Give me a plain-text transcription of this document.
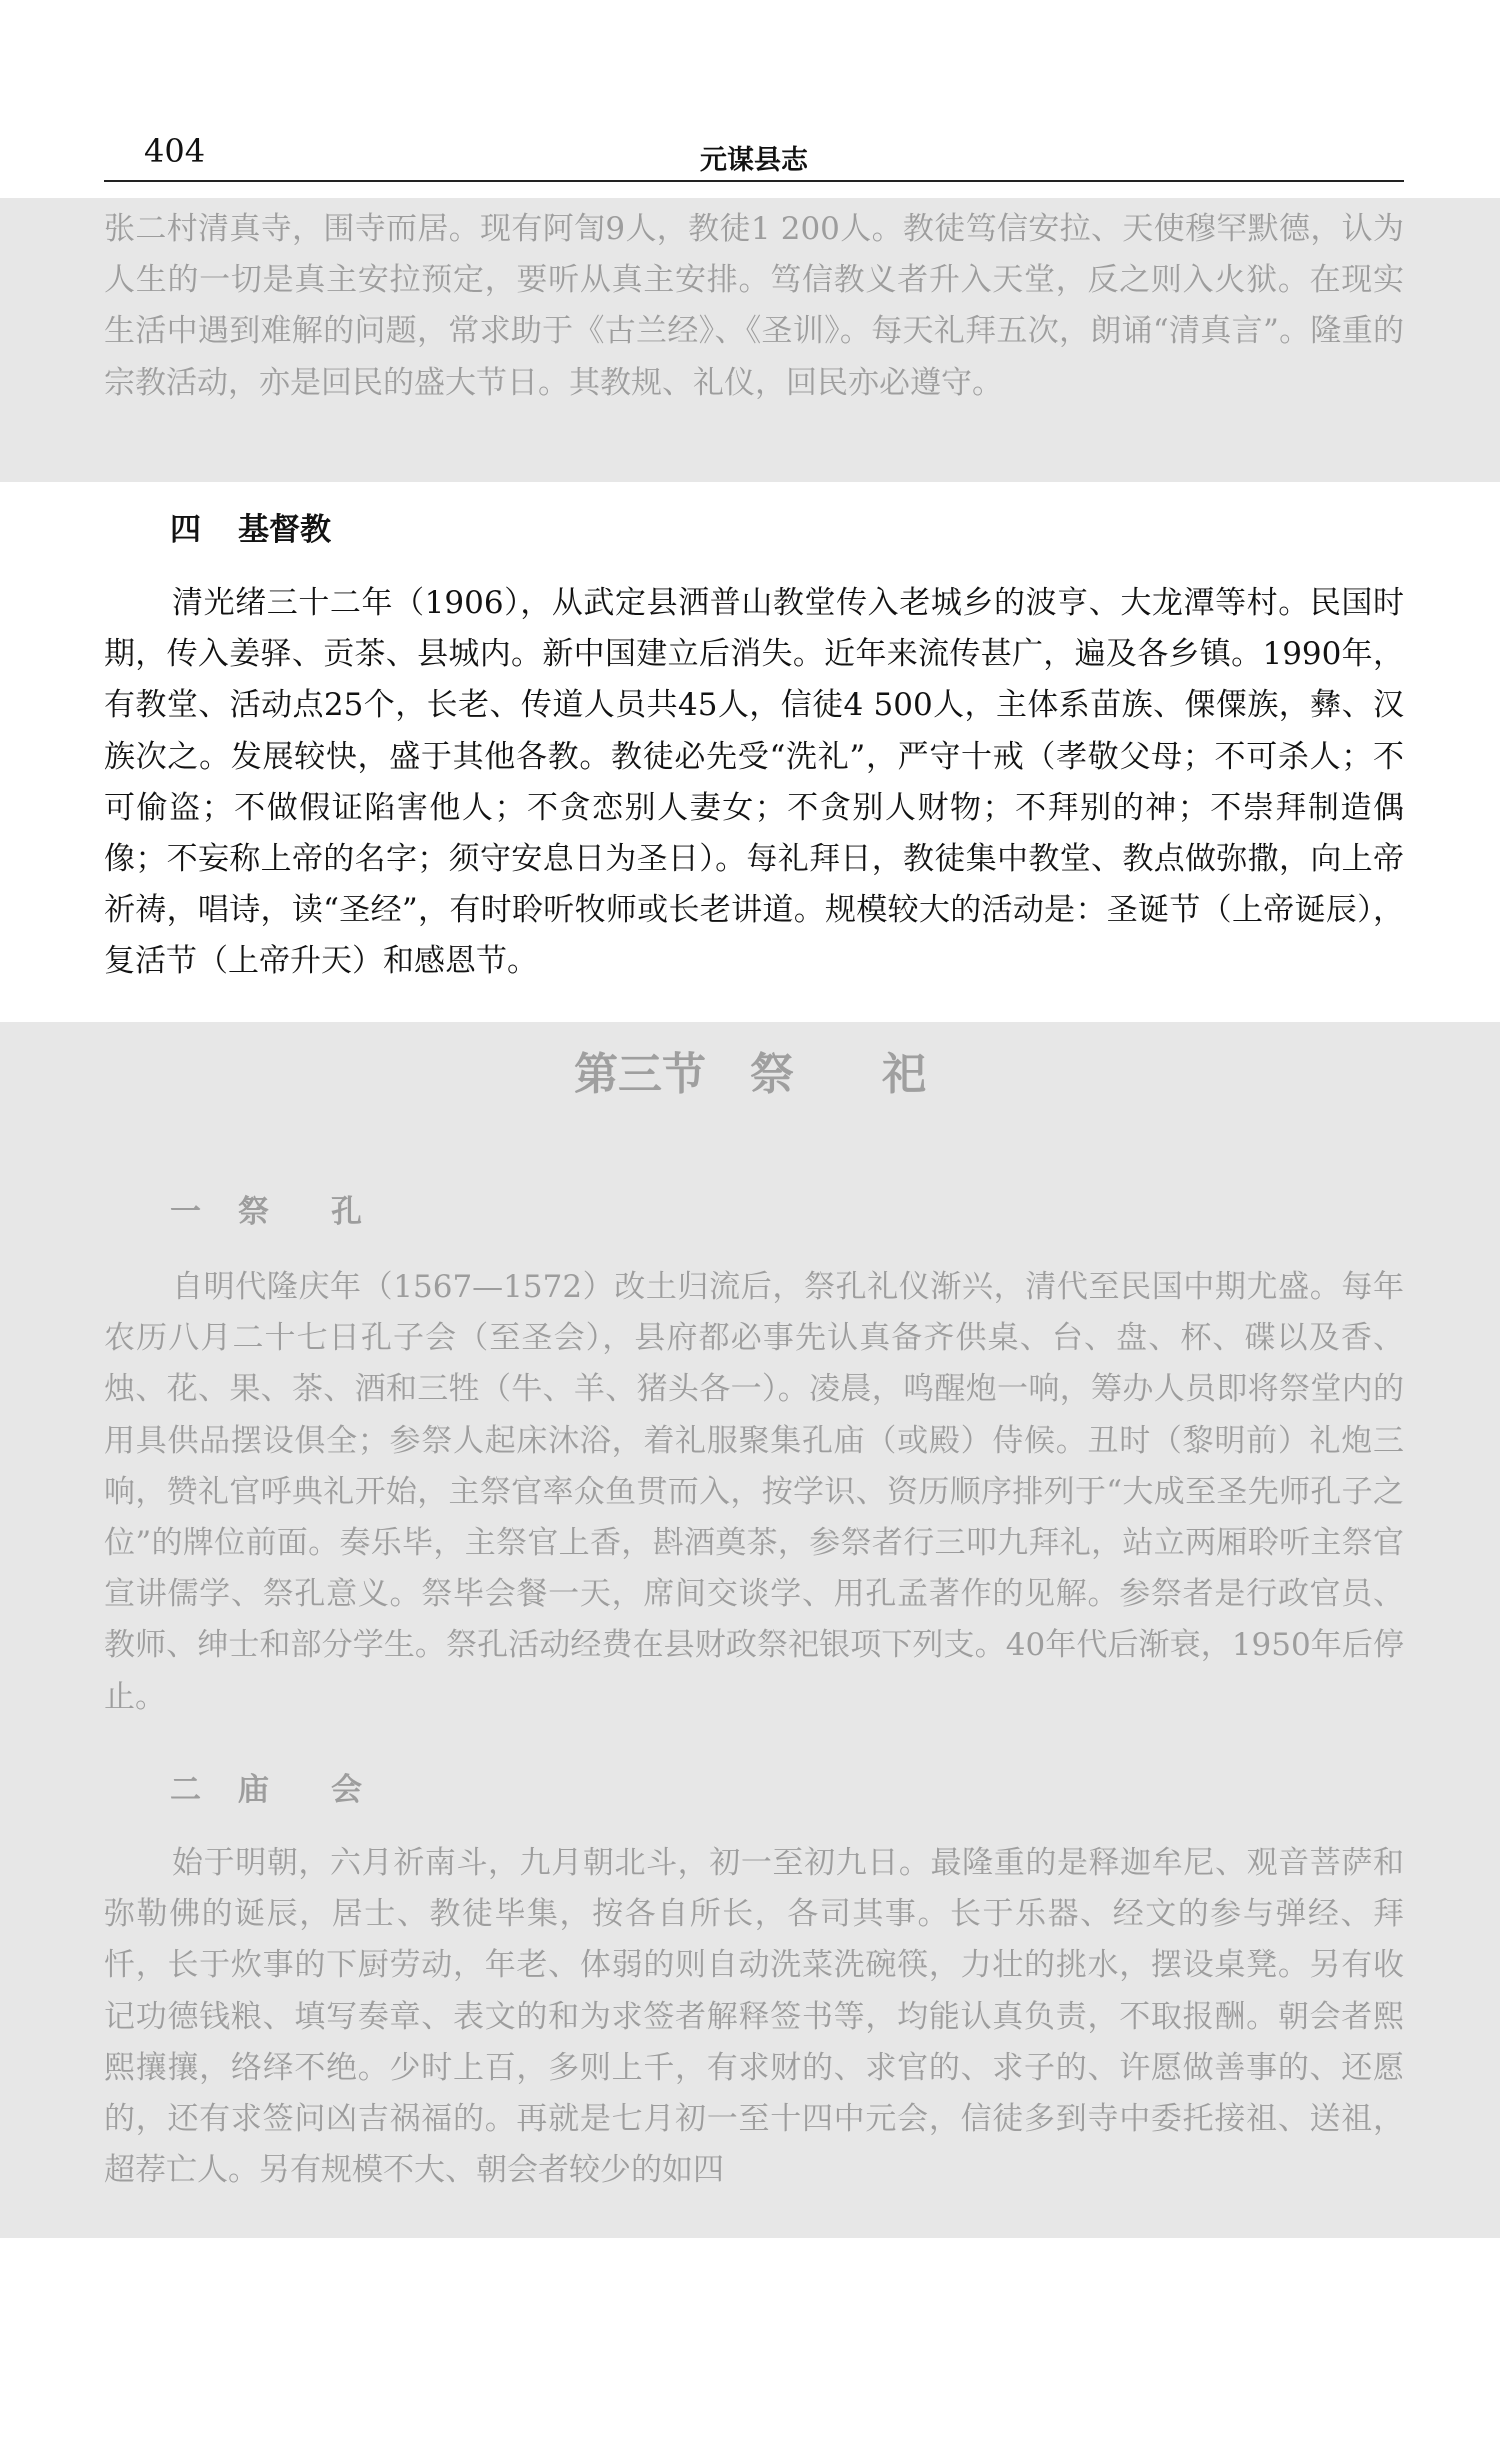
404	元谋县志

张二村清真寺，围寺而居。现有阿訇9人，教徒1 200人。教徒笃信安拉、天使穆罕默德，认为人生的一切是真主安拉预定，要听从真主安排。笃信教义者升入天堂，反之则入火狱。在现实生活中遇到难解的问题，常求助于《古兰经》、《圣训》。每天礼拜五次，朗诵“清真言”。隆重的宗教活动，亦是回民的盛大节日。其教规、礼仪，回民亦必遵守。

四 基督教

清光绪三十二年（1906），从武定县洒普山教堂传入老城乡的波亨、大龙潭等村。民国时期，传入姜驿、贡茶、县城内。新中国建立后消失。近年来流传甚广，遍及各乡镇。1990年，有教堂、活动点25个，长老、传道人员共45人，信徒4 500人，主体系苗族、傈僳族，彝、汉族次之。发展较快，盛于其他各教。教徒必先受“洗礼”，严守十戒（孝敬父母；不可杀人；不可偷盗；不做假证陷害他人；不贪恋别人妻女；不贪别人财物；不拜别的神；不崇拜制造偶像；不妄称上帝的名字；须守安息日为圣日）。每礼拜日，教徒集中教堂、教点做弥撒，向上帝祈祷，唱诗，读“圣经”，有时聆听牧师或长老讲道。规模较大的活动是：圣诞节（上帝诞辰），复活节（上帝升天）和感恩节。

第三节　祭　　祀
一 祭　　孔

自明代隆庆年（1567—1572）改土归流后，祭孔礼仪渐兴，清代至民国中期尤盛。每年农历八月二十七日孔子会（至圣会），县府都必事先认真备齐供桌、台、盘、杯、碟以及香、烛、花、果、茶、酒和三牲（牛、羊、猪头各一）。凌晨，鸣醒炮一响，筹办人员即将祭堂内的用具供品摆设俱全；参祭人起床沐浴，着礼服聚集孔庙（或殿）侍候。丑时（黎明前）礼炮三响，赞礼官呼典礼开始，主祭官率众鱼贯而入，按学识、资历顺序排列于“大成至圣先师孔子之位”的牌位前面。奏乐毕，主祭官上香，斟酒奠茶，参祭者行三叩九拜礼，站立两厢聆听主祭官宣讲儒学、祭孔意义。祭毕会餐一天，席间交谈学、用孔孟著作的见解。参祭者是行政官员、教师、绅士和部分学生。祭孔活动经费在县财政祭祀银项下列支。40年代后渐衰，1950年后停止。

二 庙　　会

始于明朝，六月祈南斗，九月朝北斗，初一至初九日。最隆重的是释迦牟尼、观音菩萨和弥勒佛的诞辰，居士、教徒毕集，按各自所长，各司其事。长于乐器、经文的参与弹经、拜忏，长于炊事的下厨劳动，年老、体弱的则自动洗菜洗碗筷，力壮的挑水，摆设桌凳。另有收记功德钱粮、填写奏章、表文的和为求签者解释签书等，均能认真负责，不取报酬。朝会者熙熙攘攘，络绎不绝。少时上百，多则上千，有求财的、求官的、求子的、许愿做善事的、还愿的，还有求签问凶吉祸福的。再就是七月初一至十四中元会，信徒多到寺中委托接祖、送祖，超荐亡人。另有规模不大、朝会者较少的如四
